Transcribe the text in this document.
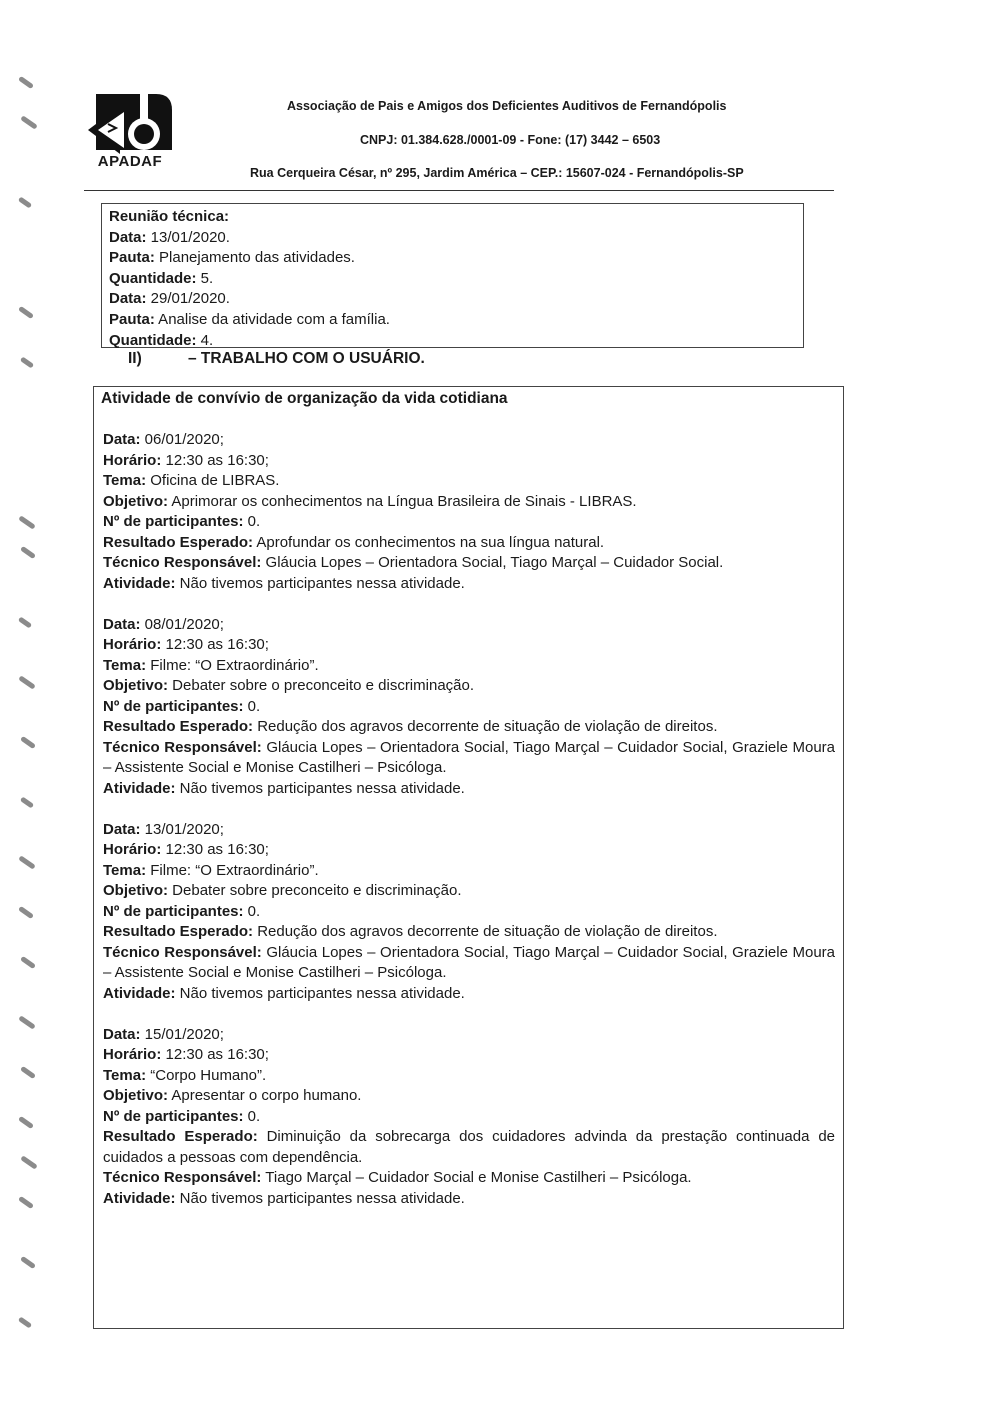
APADAF
Associação de Pais e Amigos dos Deficientes Auditivos de Fernandópolis
CNPJ: 01.384.628./0001-09 - Fone: (17) 3442 – 6503
Rua Cerqueira César, nº 295, Jardim América – CEP.: 15607-024 - Fernandópolis-SP
Reunião técnica:
Data: 13/01/2020.
Pauta: Planejamento das atividades.
Quantidade: 5.
Data: 29/01/2020.
Pauta: Analise da atividade com a família.
Quantidade: 4.
II)	– TRABALHO COM O USUÁRIO.
Atividade de convívio de organização da vida cotidiana
Data: 06/01/2020;
Horário: 12:30 as 16:30;
Tema: Oficina de LIBRAS.
Objetivo: Aprimorar os conhecimentos na Língua Brasileira de Sinais - LIBRAS.
Nº de participantes: 0.
Resultado Esperado: Aprofundar os conhecimentos na sua língua natural.
Técnico Responsável: Gláucia Lopes – Orientadora Social, Tiago Marçal – Cuidador Social.
Atividade: Não tivemos participantes nessa atividade.
Data: 08/01/2020;
Horário: 12:30 as 16:30;
Tema: Filme: “O Extraordinário”.
Objetivo: Debater sobre o preconceito e discriminação.
Nº de participantes: 0.
Resultado Esperado: Redução dos agravos decorrente de situação de violação de direitos.
Técnico Responsável: Gláucia Lopes – Orientadora Social, Tiago Marçal – Cuidador Social, Graziele Moura – Assistente Social e Monise Castilheri – Psicóloga.
Atividade: Não tivemos participantes nessa atividade.
Data: 13/01/2020;
Horário: 12:30 as 16:30;
Tema: Filme: “O Extraordinário”.
Objetivo: Debater sobre preconceito e discriminação.
Nº de participantes: 0.
Resultado Esperado: Redução dos agravos decorrente de situação de violação de direitos.
Técnico Responsável: Gláucia Lopes – Orientadora Social, Tiago Marçal – Cuidador Social, Graziele Moura – Assistente Social e Monise Castilheri – Psicóloga.
Atividade: Não tivemos participantes nessa atividade.
Data: 15/01/2020;
Horário: 12:30 as 16:30;
Tema: “Corpo Humano”.
Objetivo: Apresentar o corpo humano.
Nº de participantes: 0.
Resultado Esperado: Diminuição da sobrecarga dos cuidadores advinda da prestação continuada de cuidados a pessoas com dependência.
Técnico Responsável: Tiago Marçal – Cuidador Social e Monise Castilheri – Psicóloga.
Atividade: Não tivemos participantes nessa atividade.
